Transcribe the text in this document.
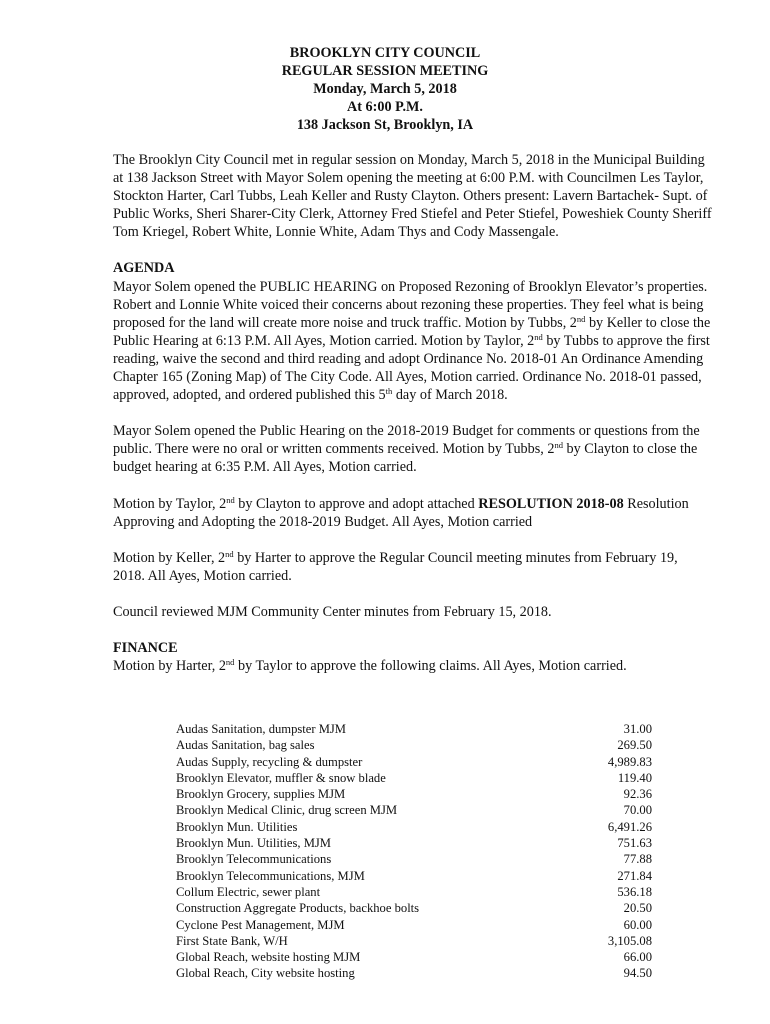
BROOKLYN CITY COUNCIL
REGULAR SESSION MEETING
Monday, March 5, 2018
At 6:00 P.M.
138 Jackson St, Brooklyn, IA

The Brooklyn City Council met in regular session on Monday, March 5, 2018 in the Municipal Building at 138 Jackson Street with Mayor Solem opening the meeting at 6:00 P.M. with Councilmen Les Taylor, Stockton Harter, Carl Tubbs, Leah Keller and Rusty Clayton. Others present: Lavern Bartachek- Supt. of Public Works, Sheri Sharer-City Clerk, Attorney Fred Stiefel and Peter Stiefel, Poweshiek County Sheriff Tom Kriegel, Robert White, Lonnie White, Adam Thys and Cody Massengale.

AGENDA

Mayor Solem opened the PUBLIC HEARING on Proposed Rezoning of Brooklyn Elevator’s properties. Robert and Lonnie White voiced their concerns about rezoning these properties. They feel what is being proposed for the land will create more noise and truck traffic. Motion by Tubbs, 2nd by Keller to close the Public Hearing at 6:13 P.M. All Ayes, Motion carried. Motion by Taylor, 2nd by Tubbs to approve the first reading, waive the second and third reading and adopt Ordinance No. 2018-01 An Ordinance Amending Chapter 165 (Zoning Map) of The City Code. All Ayes, Motion carried. Ordinance No. 2018-01 passed, approved, adopted, and ordered published this 5th day of March 2018.

Mayor Solem opened the Public Hearing on the 2018-2019 Budget for comments or questions from the public. There were no oral or written comments received. Motion by Tubbs, 2nd by Clayton to close the budget hearing at 6:35 P.M. All Ayes, Motion carried.

Motion by Taylor, 2nd by Clayton to approve and adopt attached RESOLUTION 2018-08 Resolution Approving and Adopting the 2018-2019 Budget. All Ayes, Motion carried

Motion by Keller, 2nd by Harter to approve the Regular Council meeting minutes from February 19, 2018. All Ayes, Motion carried.

Council reviewed MJM Community Center minutes from February 15, 2018.

FINANCE

Motion by Harter, 2nd by Taylor to approve the following claims. All Ayes, Motion carried.

Audas Sanitation, dumpster MJM	31.00
Audas Sanitation, bag sales	269.50
Audas Supply, recycling & dumpster	4,989.83
Brooklyn Elevator, muffler & snow blade	119.40
Brooklyn Grocery, supplies MJM	92.36
Brooklyn Medical Clinic, drug screen MJM	70.00
Brooklyn Mun. Utilities	6,491.26
Brooklyn Mun. Utilities, MJM	751.63
Brooklyn Telecommunications	77.88
Brooklyn Telecommunications, MJM	271.84
Collum Electric, sewer plant	536.18
Construction Aggregate Products, backhoe bolts	20.50
Cyclone Pest Management, MJM	60.00
First State Bank, W/H	3,105.08
Global Reach, website hosting MJM	66.00
Global Reach, City website hosting	94.50
